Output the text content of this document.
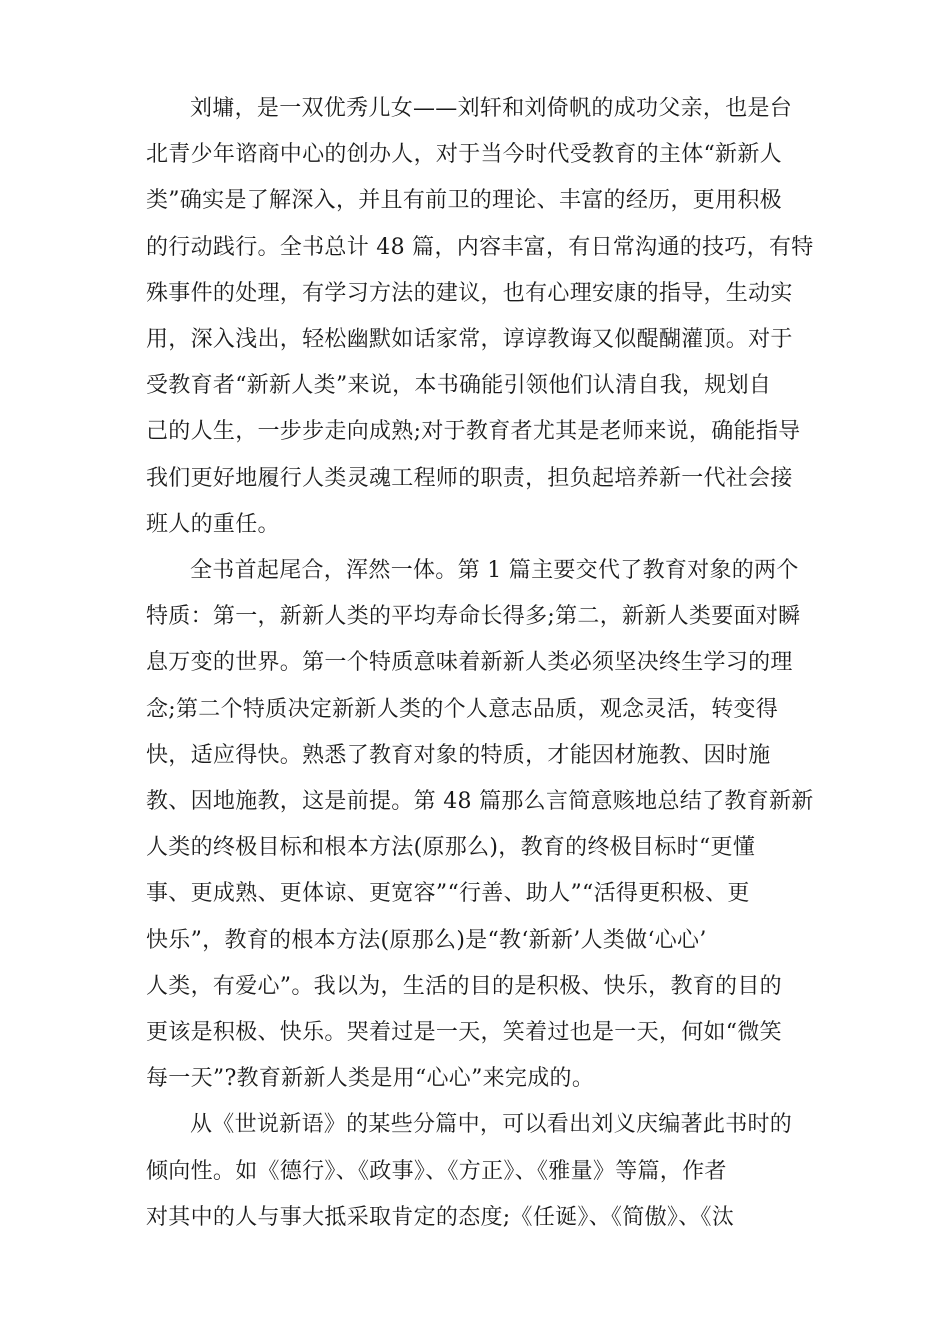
刘墉，是一双优秀儿女——刘轩和刘倚帆的成功父亲，也是台
北青少年谘商中心的创办人，对于当今时代受教育的主体“新新人
类”确实是了解深入，并且有前卫的理论、丰富的经历，更用积极
的行动践行。全书总计 48 篇，内容丰富，有日常沟通的技巧，有特
殊事件的处理，有学习方法的建议，也有心理安康的指导，生动实
用，深入浅出，轻松幽默如话家常，谆谆教诲又似醍醐灌顶。对于
受教育者“新新人类”来说，本书确能引领他们认清自我，规划自
己的人生，一步步走向成熟;对于教育者尤其是老师来说，确能指导
我们更好地履行人类灵魂工程师的职责，担负起培养新一代社会接
班人的重任。
全书首起尾合，浑然一体。第 1 篇主要交代了教育对象的两个
特质：第一，新新人类的平均寿命长得多;第二，新新人类要面对瞬
息万变的世界。第一个特质意味着新新人类必须坚决终生学习的理
念;第二个特质决定新新人类的个人意志品质，观念灵活，转变得
快，适应得快。熟悉了教育对象的特质，才能因材施教、因时施
教、因地施教，这是前提。第 48 篇那么言简意赅地总结了教育新新
人类的终极目标和根本方法(原那么)，教育的终极目标时“更懂
事、更成熟、更体谅、更宽容”“行善、助人”“活得更积极、更
快乐”，教育的根本方法(原那么)是“教‘新新’人类做‘心心’
人类，有爱心”。我以为，生活的目的是积极、快乐，教育的目的
更该是积极、快乐。哭着过是一天，笑着过也是一天，何如“微笑
每一天”?教育新新人类是用“心心”来完成的。
从《世说新语》的某些分篇中，可以看出刘义庆编著此书时的
倾向性。如《德行》、《政事》、《方正》、《雅量》等篇，作者
对其中的人与事大抵采取肯定的态度;《任诞》、《简傲》、《汰
